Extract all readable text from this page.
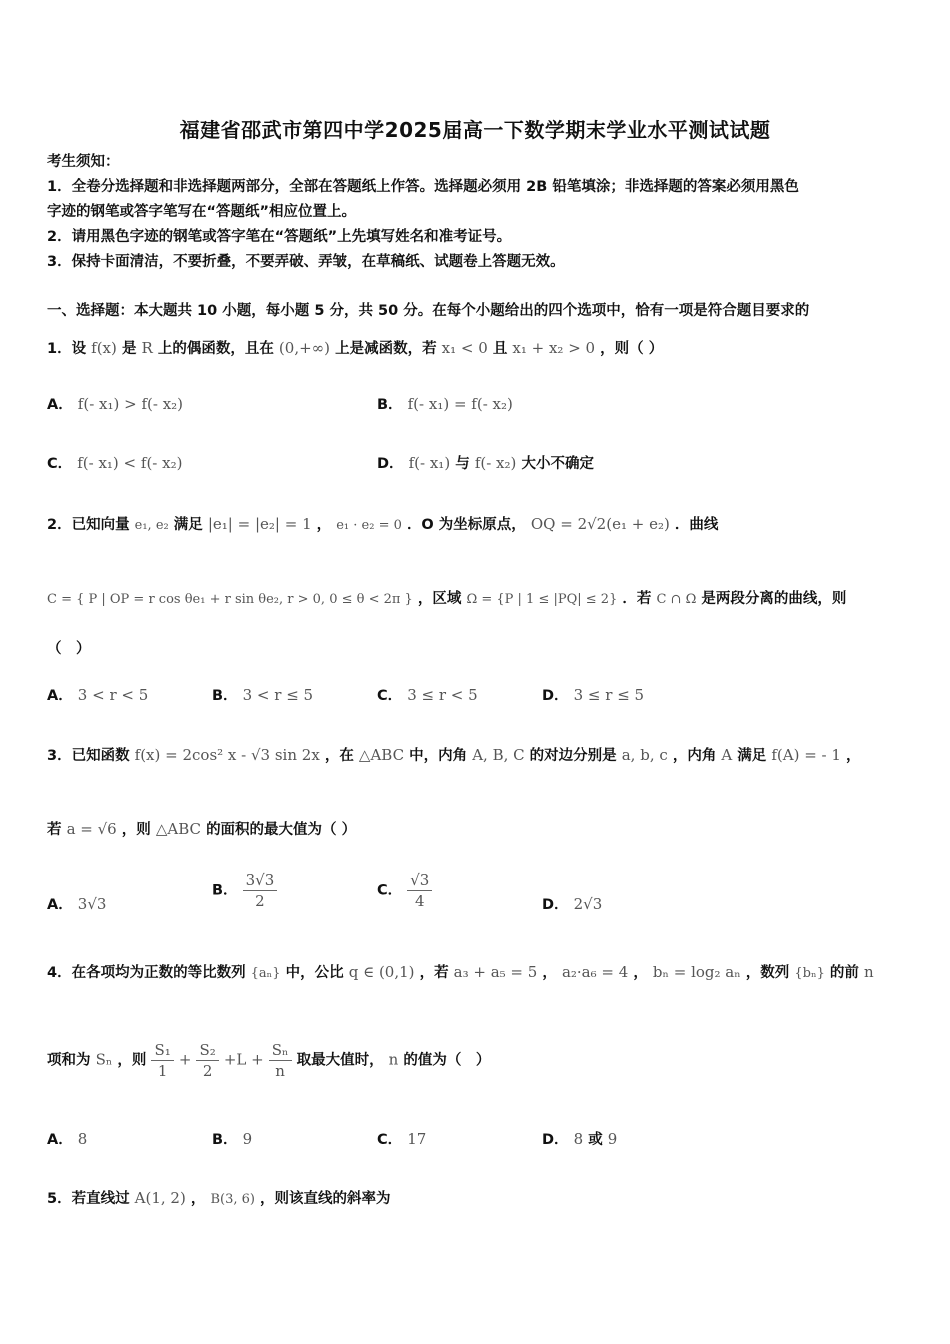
福建省邵武市第四中学2025届高一下数学期末学业水平测试试题
考生须知：
1．全卷分选择题和非选择题两部分，全部在答题纸上作答。选择题必须用 2B 铅笔填涂；非选择题的答案必须用黑色
字迹的钢笔或答字笔写在“答题纸”相应位置上。
2．请用黑色字迹的钢笔或答字笔在“答题纸”上先填写姓名和准考证号。
3．保持卡面清洁，不要折叠，不要弄破、弄皱，在草稿纸、试题卷上答题无效。
一、选择题：本大题共 10 小题，每小题 5 分，共 50 分。在每个小题给出的四个选项中，恰有一项是符合题目要求的
1．设 f(x) 是 R 上的偶函数，且在 (0,+∞) 上是减函数，若 x₁ < 0 且 x₁ + x₂ > 0 ，则（ ）
A． f(- x₁) > f(- x₂)	B． f(- x₁) = f(- x₂)
C． f(- x₁) < f(- x₂)	D． f(- x₁) 与 f(- x₂) 大小不确定
2．已知向量 e₁, e₂ 满足 |e₁| = |e₂| = 1 ， e₁ · e₂ = 0 ．O 为坐标原点， OQ = 2√2(e₁ + e₂) ．曲线
C = { P | OP = r cos θe₁ + r sin θe₂, r > 0, 0 ≤ θ < 2π } ，区域 Ω = {P | 1 ≤ |PQ| ≤ 2} ．若 C ∩ Ω 是两段分离的曲线，则
（　）
A． 3 < r < 5	B． 3 < r ≤ 5	C． 3 ≤ r < 5	D． 3 ≤ r ≤ 5
3．已知函数 f(x) = 2cos² x - √3 sin 2x ，在 △ABC 中，内角 A, B, C 的对边分别是 a, b, c ，内角 A 满足 f(A) = - 1 ，
若 a = √6 ，则 △ABC 的面积的最大值为（ ）
A． 3√3
B． $\frac{3√3}{2}$	C． $\frac{√3}{4}$	D． 2√3
4．在各项均为正数的等比数列 {aₙ} 中，公比 q ∈ (0,1) ，若 a₃ + a₅ = 5 ， a₂·a₆ = 4 ， bₙ = log₂ aₙ ，数列 {bₙ} 的前 n
项和为 Sₙ ，则 $\frac{\text{S₁}}{1} + \frac{\text{S₂}}{2} +L + \frac{\text{Sₙ}}{n}$ 取最大值时， n 的值为（　）
A． 8	B． 9	C． 17	D． 8 或 9
5．若直线过 A(1, 2) ， B(3, 6) ，则该直线的斜率为
